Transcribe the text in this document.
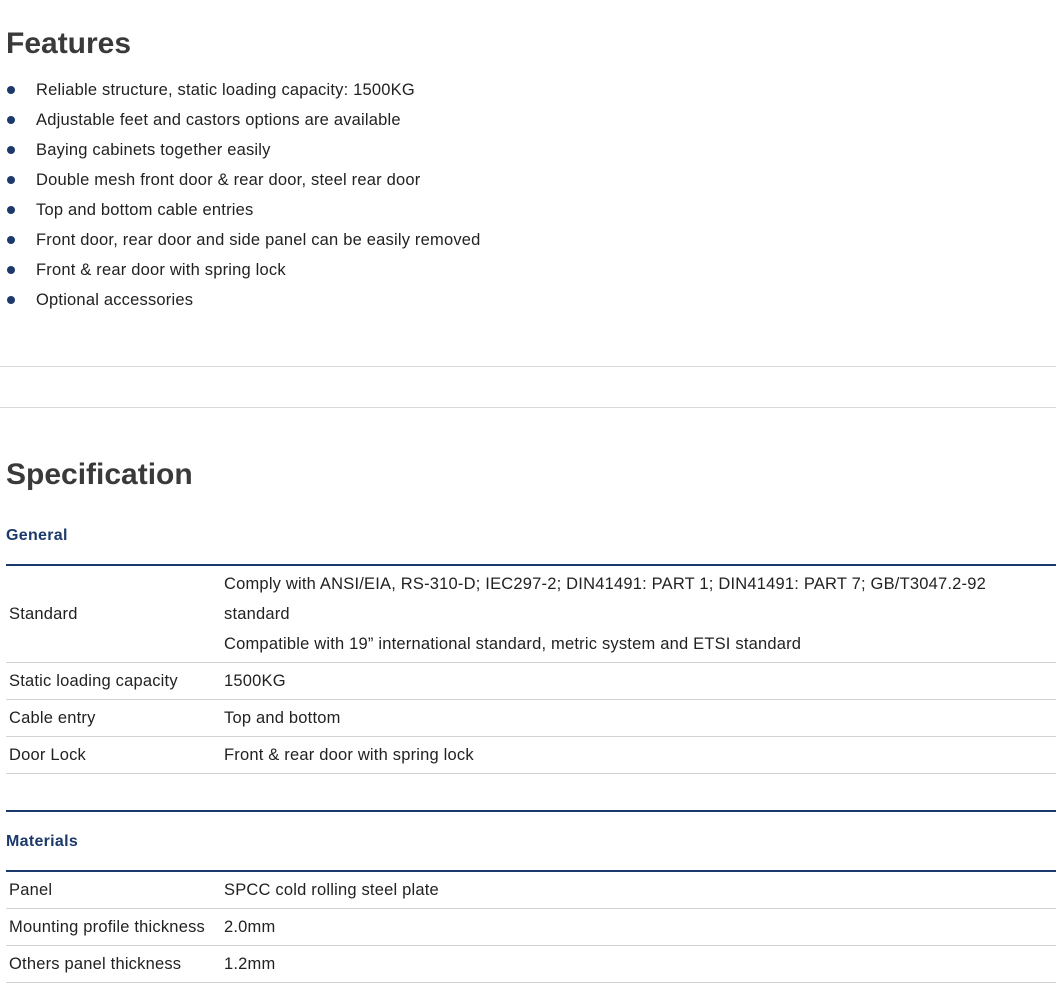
Features
Reliable structure, static loading capacity: 1500KG
Adjustable feet and castors options are available
Baying cabinets together easily
Double mesh front door & rear door, steel rear door
Top and bottom cable entries
Front door, rear door and side panel can be easily removed
Front & rear door with spring lock
Optional accessories
Specification
General
Standard	Comply with ANSI/EIA, RS-310-D; IEC297-2; DIN41491: PART 1; DIN41491: PART 7; GB/T3047.2-92
standard
Compatible with 19” international standard, metric system and ETSI standard

Static loading capacity	1500KG
Cable entry	Top and bottom
Door Lock	Front & rear door with spring lock
Materials
Panel	SPCC cold rolling steel plate
Mounting profile thickness	2.0mm
Others panel thickness	1.2mm
